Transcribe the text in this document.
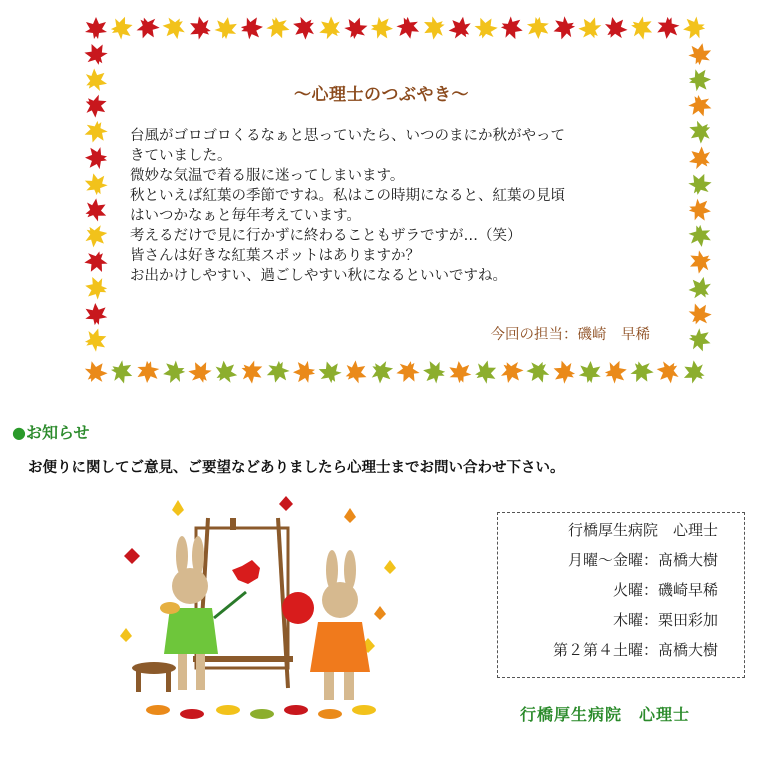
～心理士のつぶやき～

台風がゴロゴロくるなぁと思っていたら、いつのまにか秋がやって

きていました。

微妙な気温で着る服に迷ってしまいます。

秋といえば紅葉の季節ですね。私はこの時期になると、紅葉の見頃

はいつかなぁと毎年考えています。

考えるだけで見に行かずに終わることもザラですが…（笑）

皆さんは好きな紅葉スポットはありますか？

お出かけしやすい、過ごしやすい秋になるといいですね。

今回の担当：磯崎　早稀
●お知らせ
お便りに関してご意見、ご要望などありましたら心理士までお問い合わせ下さい。
行橋厚生病院　心理士
月曜～金曜：髙橋大樹
火曜：磯崎早稀
木曜：栗田彩加
第２第４土曜：髙橋大樹
行橋厚生病院　心理士
